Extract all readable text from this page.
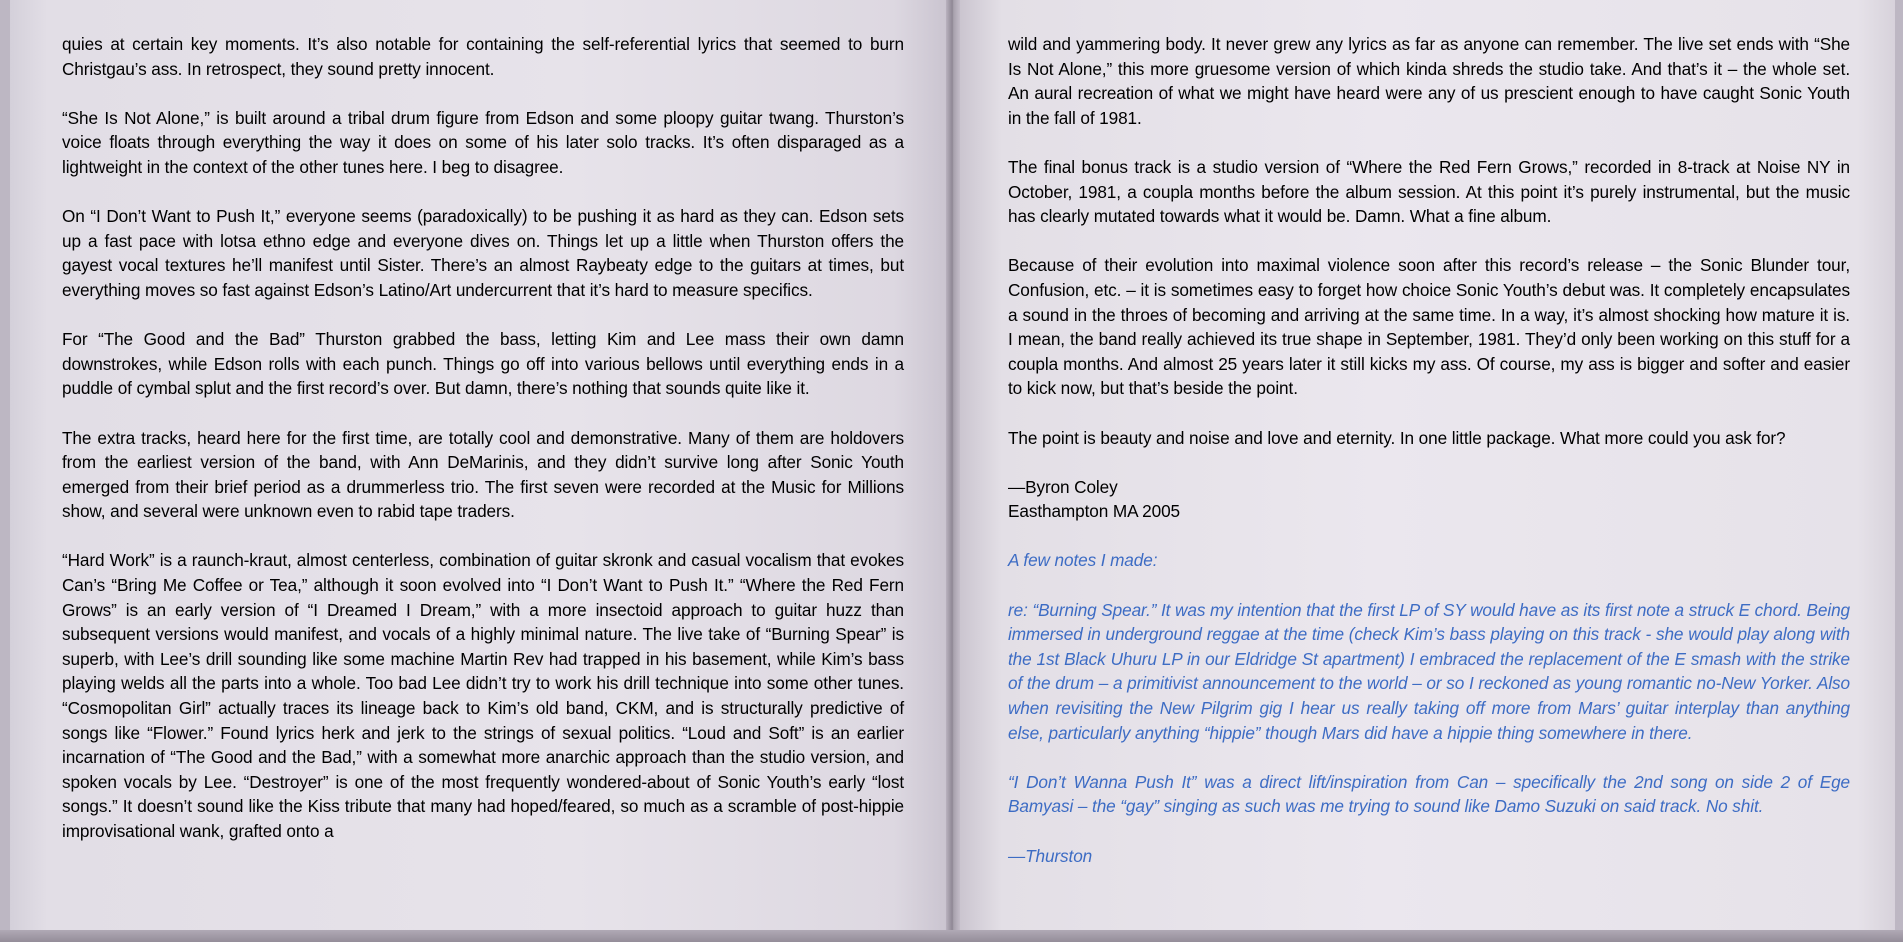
quies at certain key moments. It’s also notable for containing the self-referential lyrics that seemed to burn Christgau’s ass. In retrospect, they sound pretty innocent.

“She Is Not Alone,” is built around a tribal drum figure from Edson and some ploopy guitar twang. Thurston’s voice floats through everything the way it does on some of his later solo tracks. It’s often disparaged as a lightweight in the context of the other tunes here. I beg to disagree.

On “I Don’t Want to Push It,” everyone seems (paradoxically) to be pushing it as hard as they can. Edson sets up a fast pace with lotsa ethno edge and everyone dives on. Things let up a little when Thurston offers the gayest vocal textures he’ll manifest until Sister. There’s an almost Raybeaty edge to the guitars at times, but everything moves so fast against Edson’s Latino/Art undercurrent that it’s hard to measure specifics.

For “The Good and the Bad” Thurston grabbed the bass, letting Kim and Lee mass their own damn downstrokes, while Edson rolls with each punch. Things go off into various bellows until everything ends in a puddle of cymbal splut and the first record’s over. But damn, there’s nothing that sounds quite like it.

The extra tracks, heard here for the first time, are totally cool and demonstrative. Many of them are holdovers from the earliest version of the band, with Ann DeMarinis, and they didn’t survive long after Sonic Youth emerged from their brief period as a drummerless trio. The first seven were recorded at the Music for Millions show, and several were unknown even to rabid tape traders.

“Hard Work” is a raunch-kraut, almost centerless, combination of guitar skronk and casual vocalism that evokes Can’s “Bring Me Coffee or Tea,” although it soon evolved into “I Don’t Want to Push It.” “Where the Red Fern Grows” is an early version of “I Dreamed I Dream,” with a more insectoid approach to guitar huzz than subsequent versions would manifest, and vocals of a highly minimal nature. The live take of “Burning Spear” is superb, with Lee’s drill sounding like some machine Martin Rev had trapped in his basement, while Kim’s bass playing welds all the parts into a whole. Too bad Lee didn’t try to work his drill technique into some other tunes. “Cosmopolitan Girl” actually traces its lineage back to Kim’s old band, CKM, and is structurally predictive of songs like “Flower.” Found lyrics herk and jerk to the strings of sexual politics. “Loud and Soft” is an earlier incarnation of “The Good and the Bad,” with a somewhat more anarchic approach than the studio version, and spoken vocals by Lee. “Destroyer” is one of the most frequently wondered-about of Sonic Youth’s early “lost songs.” It doesn’t sound like the Kiss tribute that many had hoped/feared, so much as a scramble of post-hippie improvisational wank, grafted onto a

wild and yammering body. It never grew any lyrics as far as anyone can remember. The live set ends with “She Is Not Alone,” this more gruesome version of which kinda shreds the studio take. And that’s it – the whole set. An aural recreation of what we might have heard were any of us prescient enough to have caught Sonic Youth in the fall of 1981.

The final bonus track is a studio version of “Where the Red Fern Grows,” recorded in 8-track at Noise NY in October, 1981, a coupla months before the album session. At this point it’s purely instrumental, but the music has clearly mutated towards what it would be. Damn. What a fine album.

Because of their evolution into maximal violence soon after this record’s release – the Sonic Blunder tour, Confusion, etc. – it is sometimes easy to forget how choice Sonic Youth’s debut was. It completely encapsulates a sound in the throes of becoming and arriving at the same time. In a way, it’s almost shocking how mature it is. I mean, the band really achieved its true shape in September, 1981. They’d only been working on this stuff for a coupla months. And almost 25 years later it still kicks my ass. Of course, my ass is bigger and softer and easier to kick now, but that’s beside the point.

The point is beauty and noise and love and eternity. In one little package. What more could you ask for?

—Byron Coley

Easthampton MA 2005

A few notes I made:

re: “Burning Spear.” It was my intention that the first LP of SY would have as its first note a struck E chord. Being immersed in underground reggae at the time (check Kim’s bass playing on this track - she would play along with the 1st Black Uhuru LP in our Eldridge St apartment) I embraced the replacement of the E smash with the strike of the drum – a primitivist announcement to the world – or so I reckoned as young romantic no-New Yorker. Also when revisiting the New Pilgrim gig I hear us really taking off more from Mars’ guitar interplay than anything else, particularly anything “hippie” though Mars did have a hippie thing somewhere in there.

“I Don’t Wanna Push It” was a direct lift/inspiration from Can – specifically the 2nd song on side 2 of Ege Bamyasi – the “gay” singing as such was me trying to sound like Damo Suzuki on said track. No shit.

—Thurston
